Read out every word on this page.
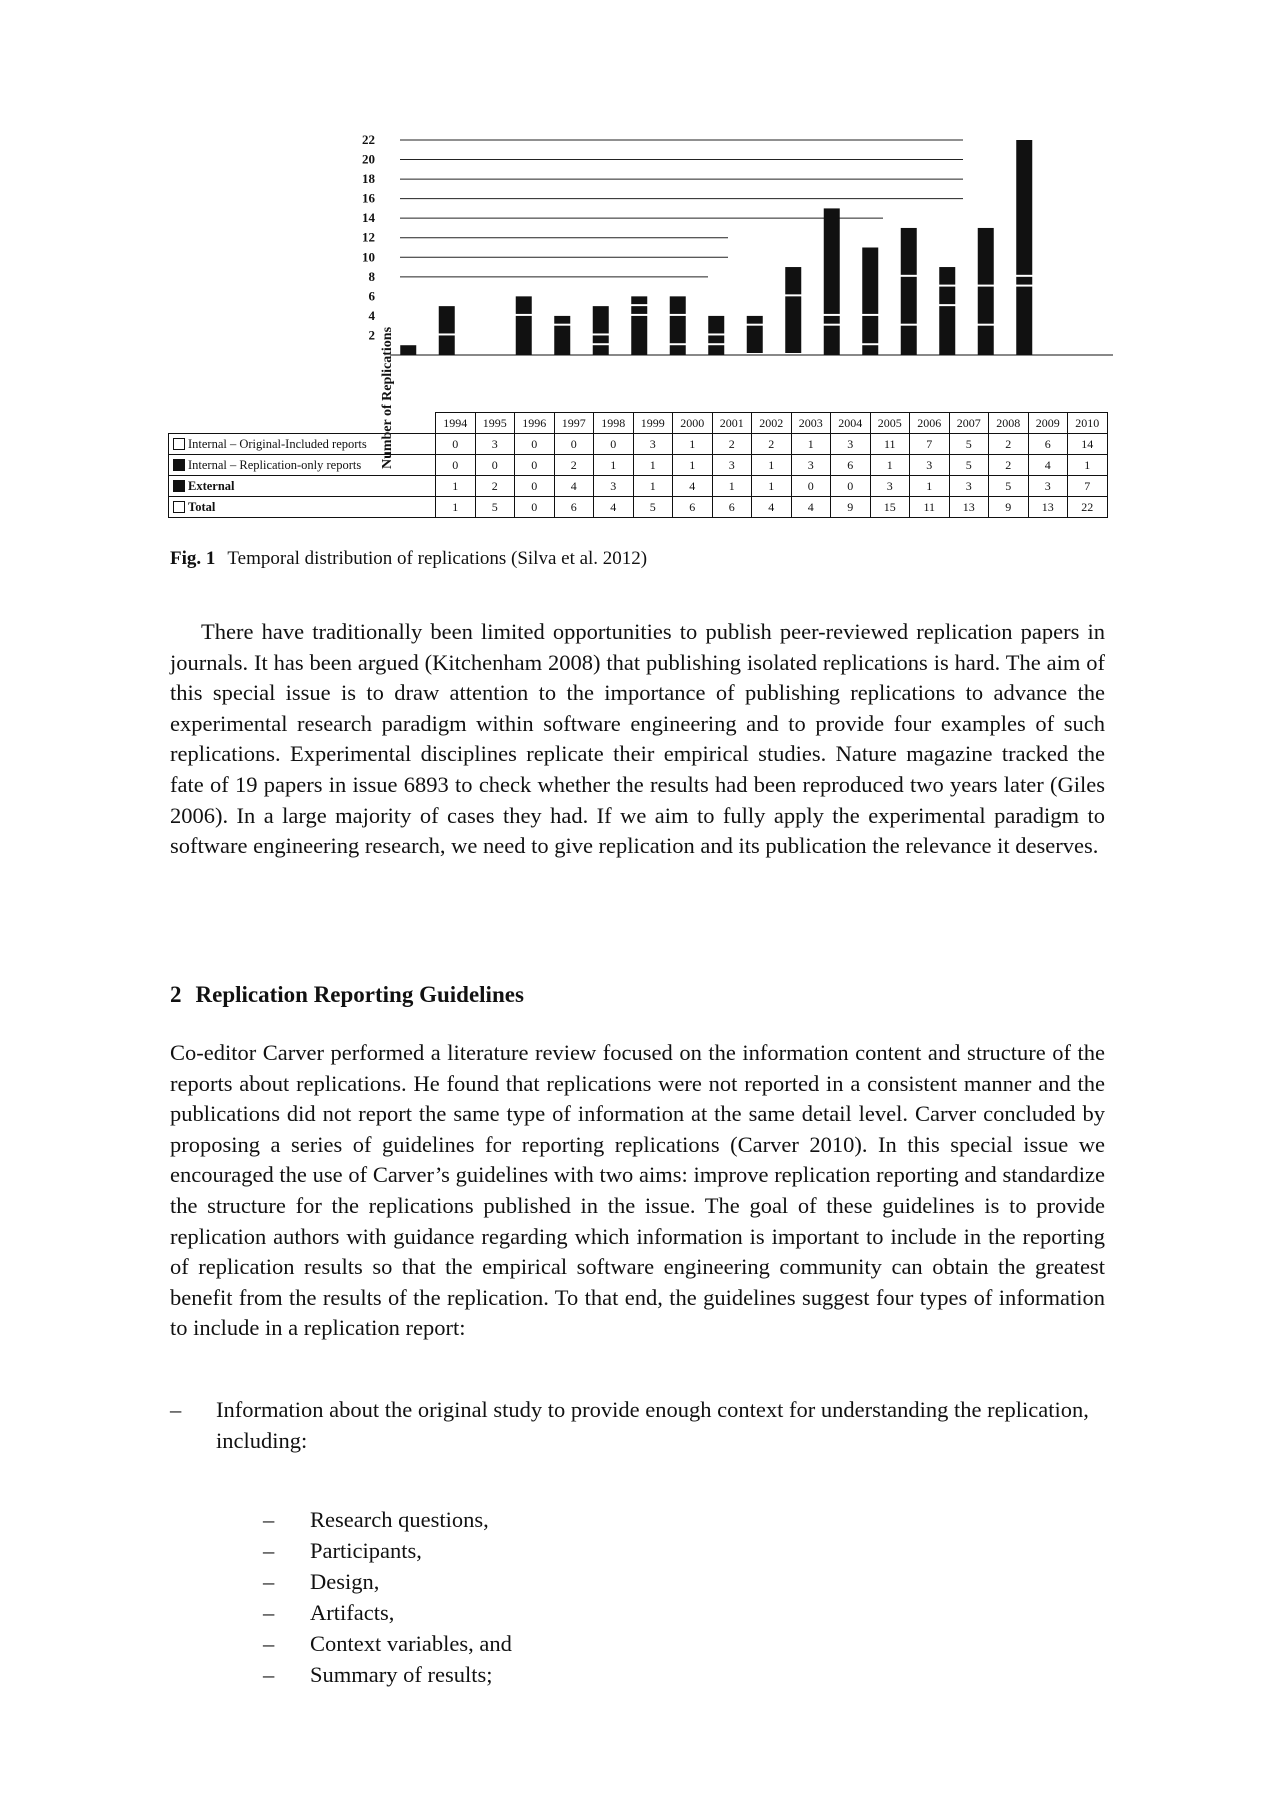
22
20
18
16
14
12
10
8
6
4
2 Number of Replications
		1994	1995	1996	1997	1998	1999	2000	2001	2002	2003	2004	2005	2006	2007	2008	2009	2010
Internal – Original-Included reports	0	3	0	0	0	3	1	2	2	1	3	11	7	5	2	6	14
Internal – Replication-only reports	0	0	0	2	1	1	1	3	1	3	6	1	3	5	2	4	1
External	1	2	0	4	3	1	4	1	1	0	0	3	1	3	5	3	7
Total	1	5	0	6	4	5	6	6	4	4	9	15	11	13	9	13	22
Fig. 1 Temporal distribution of replications (Silva et al. 2012)
There have traditionally been limited opportunities to publish peer-reviewed replication papers in journals. It has been argued (Kitchenham 2008) that publishing isolated replications is hard. The aim of this special issue is to draw attention to the importance of publishing replications to advance the experimental research paradigm within software engineering and to provide four examples of such replications. Experimental disciplines replicate their empirical studies. Nature magazine tracked the fate of 19 papers in issue 6893 to check whether the results had been reproduced two years later (Giles 2006). In a large majority of cases they had. If we aim to fully apply the experimental paradigm to software engineering research, we need to give replication and its publication the relevance it deserves.
2 Replication Reporting Guidelines
Co-editor Carver performed a literature review focused on the information content and structure of the reports about replications. He found that replications were not reported in a consistent manner and the publications did not report the same type of information at the same detail level. Carver concluded by proposing a series of guidelines for reporting replications (Carver 2010). In this special issue we encouraged the use of Carver’s guidelines with two aims: improve replication reporting and standardize the structure for the replications published in the issue. The goal of these guidelines is to provide replication authors with guidance regarding which information is important to include in the reporting of replication results so that the empirical software engineering community can obtain the greatest benefit from the results of the replication. To that end, the guidelines suggest four types of information to include in a replication report:
– Information about the original study to provide enough context for understanding the replication, including:
– Research questions,
– Participants,
– Design,
– Artifacts,
– Context variables, and
– Summary of results;
